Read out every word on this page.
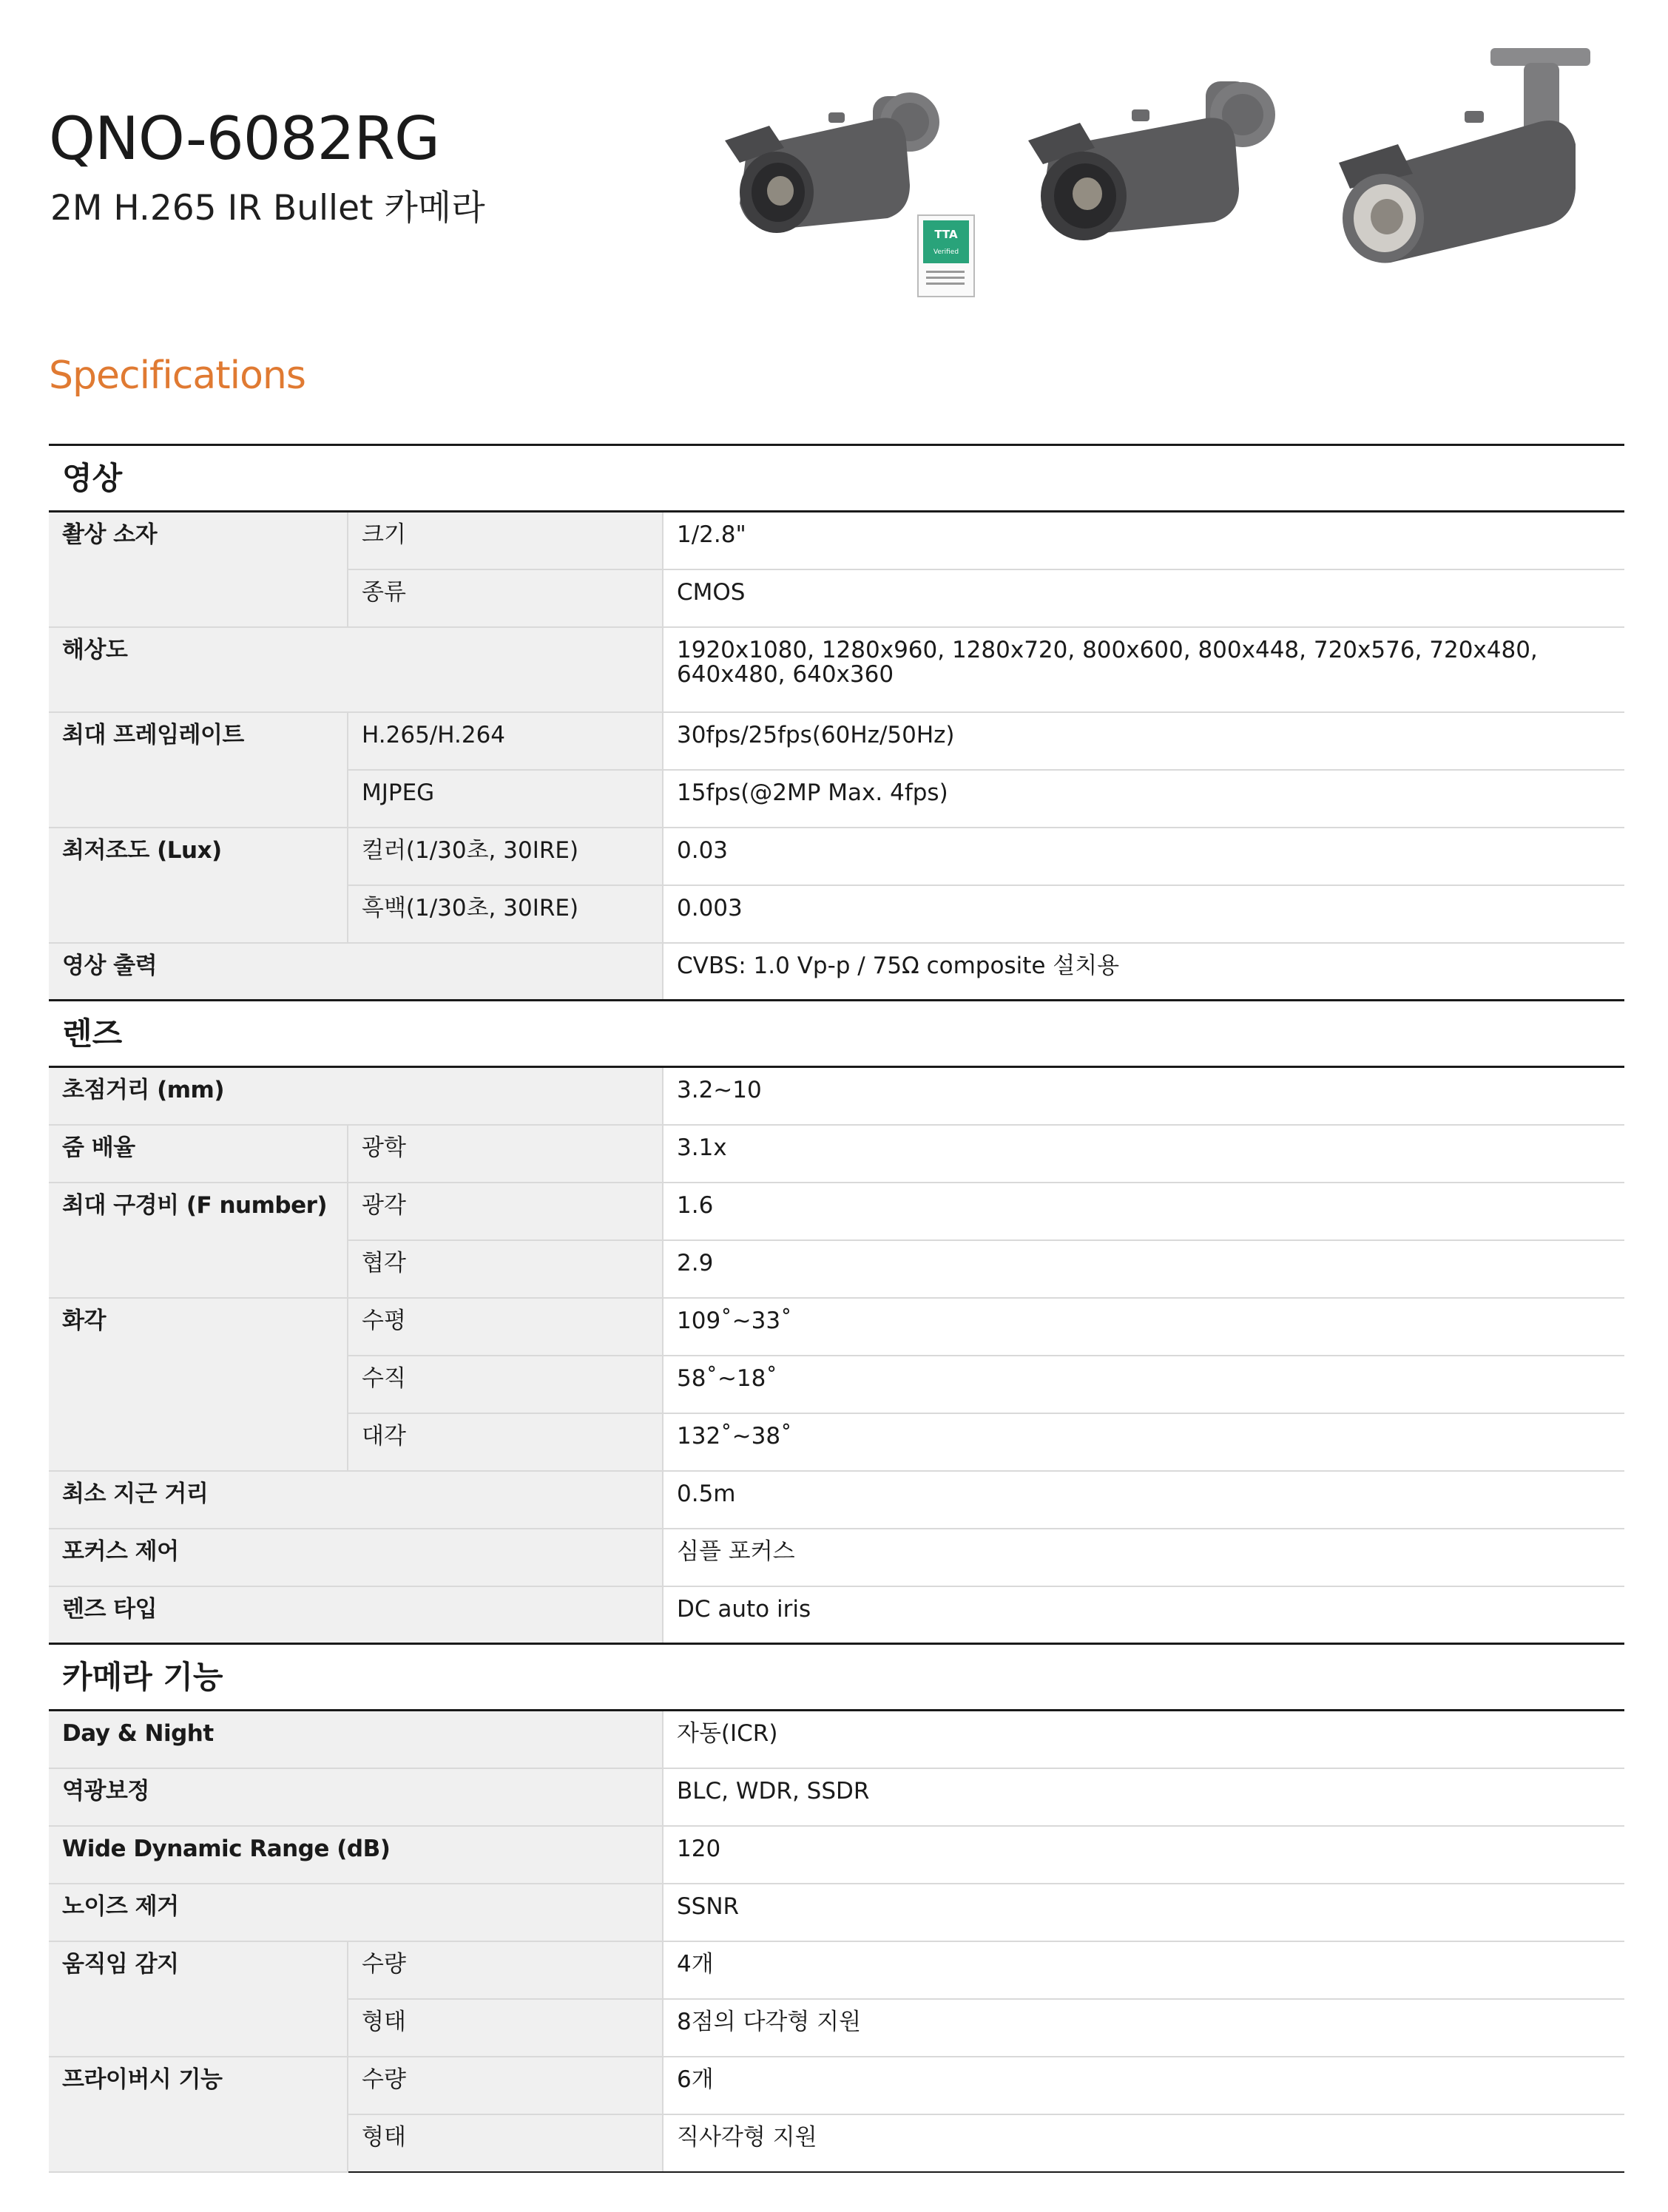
QNO-6082RG
2M H.265 IR Bullet 카메라
TTA
Verified
Specifications
영상		
촬상 소자	크기	1/2.8"
	종류	CMOS
해상도		1920x1080, 1280x960, 1280x720, 800x600, 800x448, 720x576, 720x480, 640x480, 640x360
최대 프레임레이트	H.265/H.264	30fps/25fps(60Hz/50Hz)
	MJPEG	15fps(@2MP Max. 4fps)
최저조도 (Lux)	컬러(1/30초, 30IRE)	0.03
	흑백(1/30초, 30IRE)	0.003
영상 출력		CVBS: 1.0 Vp-p / 75Ω composite 설치용
렌즈		
초점거리 (mm)		3.2~10
줌 배율	광학	3.1x
최대 구경비 (F number)	광각	1.6
	협각	2.9
화각	수평	109˚~33˚
	수직	58˚~18˚
	대각	132˚~38˚
최소 지근 거리		0.5m
포커스 제어		심플 포커스
렌즈 타입		DC auto iris
카메라 기능		
Day & Night		자동(ICR)
역광보정		BLC, WDR, SSDR
Wide Dynamic Range (dB)		120
노이즈 제거		SSNR
움직임 감지	수량	4개
	형태	8점의 다각형 지원
프라이버시 기능	수량	6개
	형태	직사각형 지원
